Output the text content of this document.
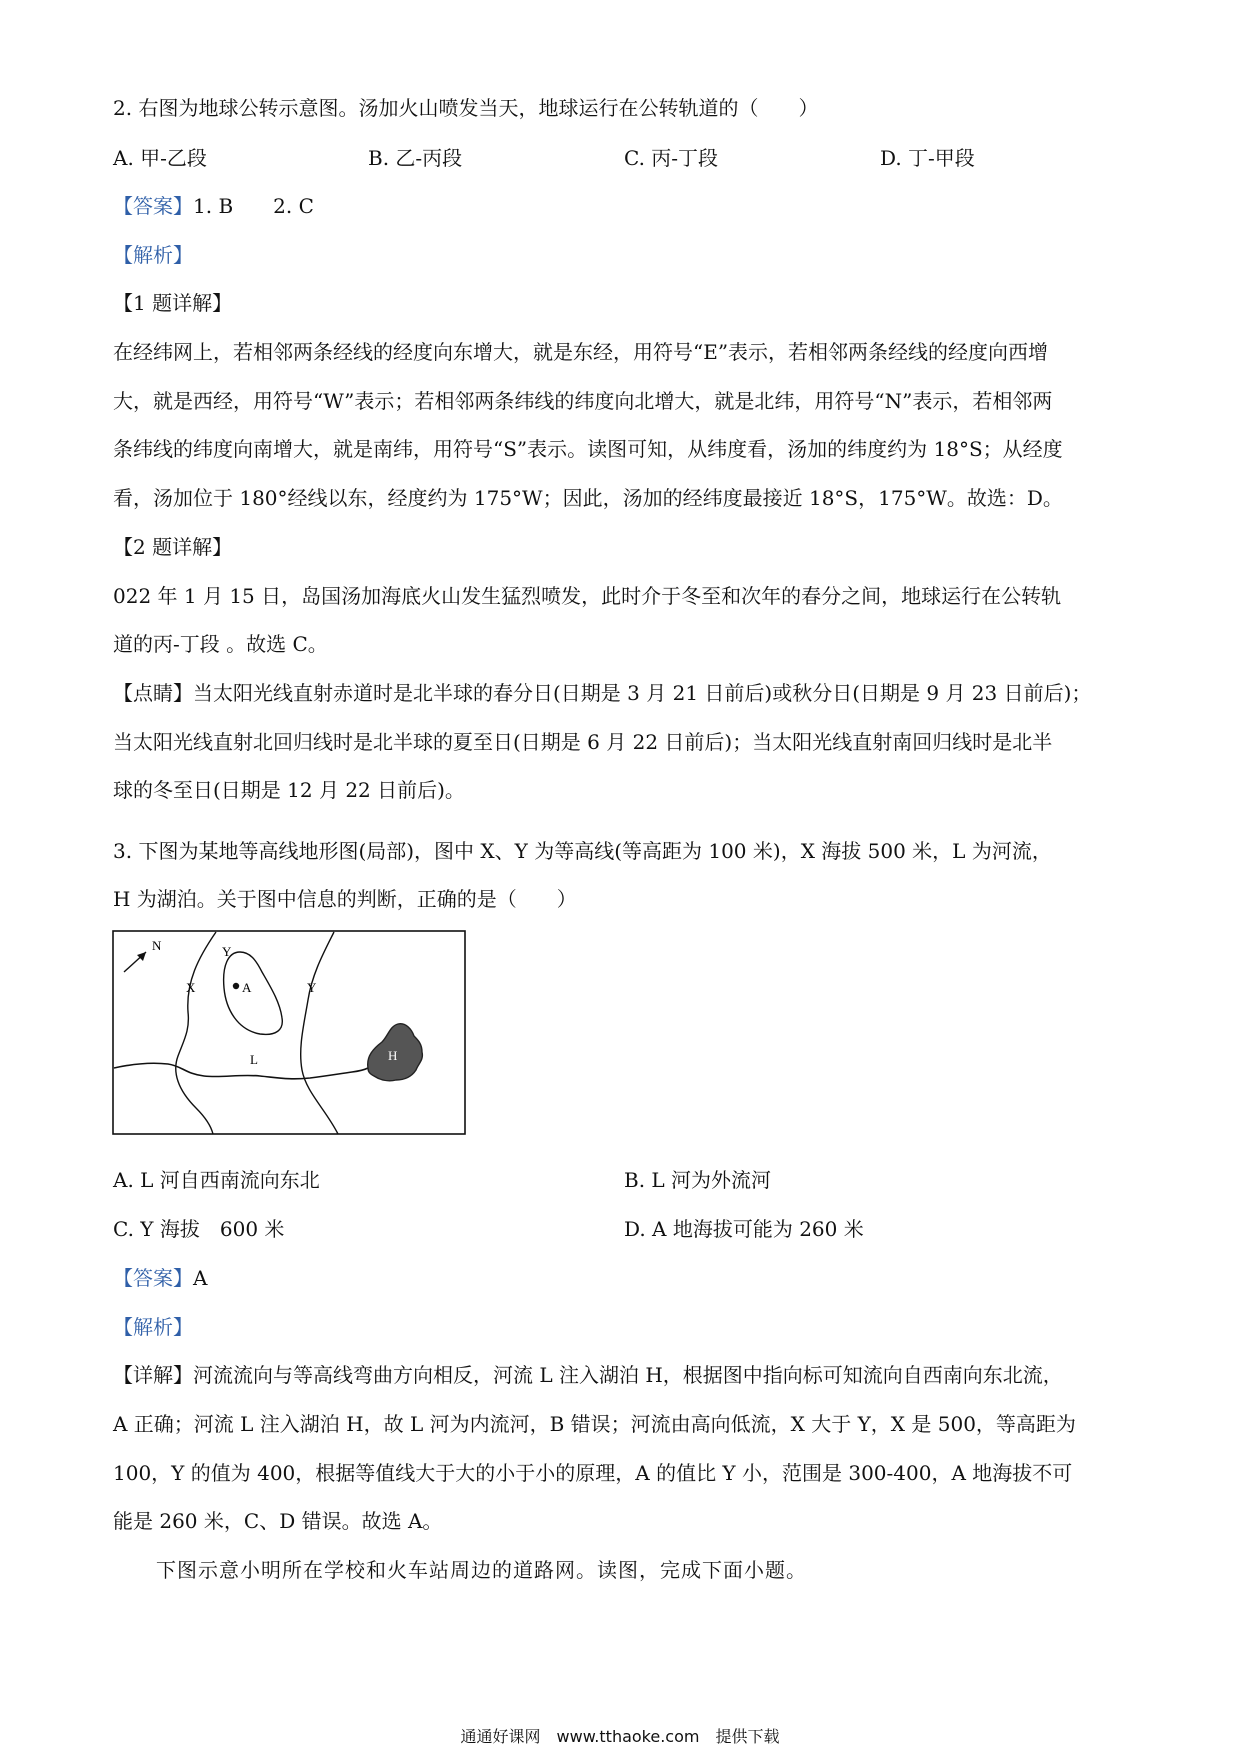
2. 右图为地球公转示意图。汤加火山喷发当天，地球运行在公转轨道的（　　）
A. 甲-乙段	B. 乙-丙段	C. 丙-丁段	D. 丁-甲段
【答案】1. B　　2. C
【解析】
【1 题详解】
在经纬网上，若相邻两条经线的经度向东增大，就是东经，用符号“E”表示，若相邻两条经线的经度向西增
大，就是西经，用符号“W”表示；若相邻两条纬线的纬度向北增大，就是北纬，用符号“N”表示，若相邻两
条纬线的纬度向南增大，就是南纬，用符号“S”表示。读图可知，从纬度看，汤加的纬度约为 18°S；从经度
看，汤加位于 180°经线以东，经度约为 175°W；因此，汤加的经纬度最接近 18°S，175°W。故选：D。
【2 题详解】
022 年 1 月 15 日，岛国汤加海底火山发生猛烈喷发，此时介于冬至和次年的春分之间，地球运行在公转轨
道的丙-丁段 。故选 C。
【点睛】当太阳光线直射赤道时是北半球的春分日(日期是 3 月 21 日前后)或秋分日(日期是 9 月 23 日前后)；
当太阳光线直射北回归线时是北半球的夏至日(日期是 6 月 22 日前后)；当太阳光线直射南回归线时是北半
球的冬至日(日期是 12 月 22 日前后)。
3. 下图为某地等高线地形图(局部)，图中 X、Y 为等高线(等高距为 100 米)，X 海拔 500 米，L 为河流，
H 为湖泊。关于图中信息的判断，正确的是（　　）
N
X
Y
A	Y
L	H
A. L 河自西南流向东北	B. L 河为外流河
C. Y 海拔　600 米	D. A 地海拔可能为 260 米
【答案】A
【解析】
【详解】河流流向与等高线弯曲方向相反，河流 L 注入湖泊 H，根据图中指向标可知流向自西南向东北流，
A 正确；河流 L 注入湖泊 H，故 L 河为内流河，B 错误；河流由高向低流，X 大于 Y，X 是 500，等高距为
100，Y 的值为 400，根据等值线大于大的小于小的原理，A 的值比 Y 小，范围是 300-400，A 地海拔不可
能是 260 米，C、D 错误。故选 A。
下图示意小明所在学校和火车站周边的道路网。读图，完成下面小题。
通通好课网　www.tthaoke.com　提供下载
